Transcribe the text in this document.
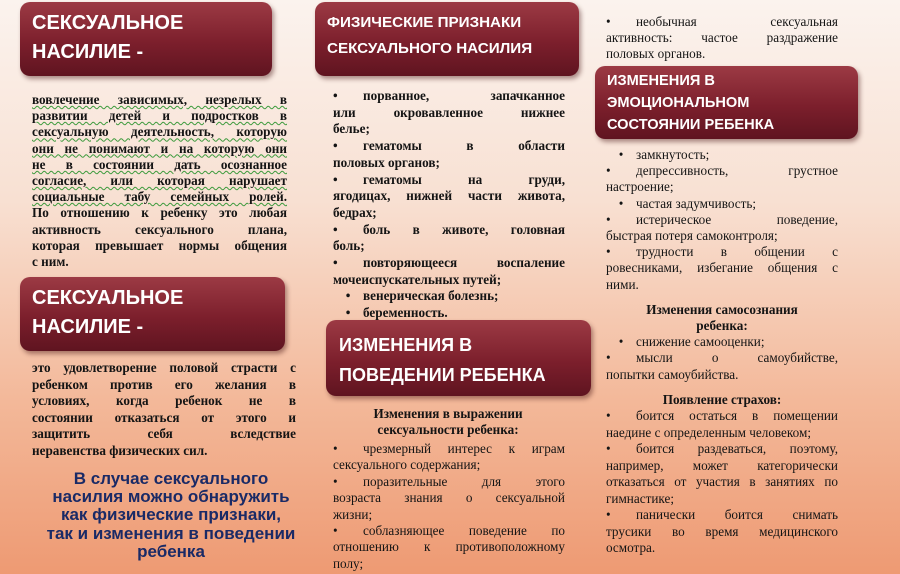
СЕКСУАЛЬНОЕ
НАСИЛИЕ -
вовлечение зависимых, незрелых в
развитии детей и подростков в
сексуальную деятельность, которую
они не понимают и на которую они
не в состоянии дать осознанное
согласие, или которая нарушает
социальные табу семейных ролей.
По отношению к ребенку это любая
активность сексуального плана,
которая превышает нормы общения
с ним.
СЕКСУАЛЬНОЕ
НАСИЛИЕ -
это удовлетворение половой страсти с
ребенком против его желания в
условиях, когда ребенок не в
состоянии отказаться от этого и
защитить себя вследствие
неравенства физических сил.
В случае сексуального
насилия можно обнаружить
как физические признаки,
так и изменения в поведении
ребенка
ФИЗИЧЕСКИЕ ПРИЗНАКИ
СЕКСУАЛЬНОГО НАСИЛИЯ
• порванное, запачканное
или окровавленное нижнее
белье;
• гематомы в области
половых органов;
• гематомы на груди,
ягодицах, нижней части живота,
бедрах;
• боль в животе, головная
боль;
• повторяющееся воспаление
мочеиспускательных путей;
• венерическая болезнь;
• беременность.
ИЗМЕНЕНИЯ В
ПОВЕДЕНИИ РЕБЕНКА
Изменения в выражении
сексуальности ребенка:
• чрезмерный интерес к играм
сексуального содержания;
• поразительные для этого
возраста знания о сексуальной
жизни;
• соблазняющее поведение по
отношению к противоположному
полу;
• необычная сексуальная
активность: частое раздражение
половых органов.
ИЗМЕНЕНИЯ В
ЭМОЦИОНАЛЬНОМ
СОСТОЯНИИ РЕБЕНКА
• замкнутость;
• депрессивность, грустное
настроение;
• частая задумчивость;
• истерическое поведение,
быстрая потеря самоконтроля;
• трудности в общении с
ровесниками, избегание общения с
ними.
Изменения самосознания
ребенка:
• снижение самооценки;
• мысли о самоубийстве,
попытки самоубийства.
Появление страхов:
• боится остаться в помещении
наедине с определенным человеком;
• боится раздеваться, поэтому,
например, может категорически
отказаться от участия в занятиях по
гимнастике;
• панически боится снимать
трусики во время медицинского
осмотра.
